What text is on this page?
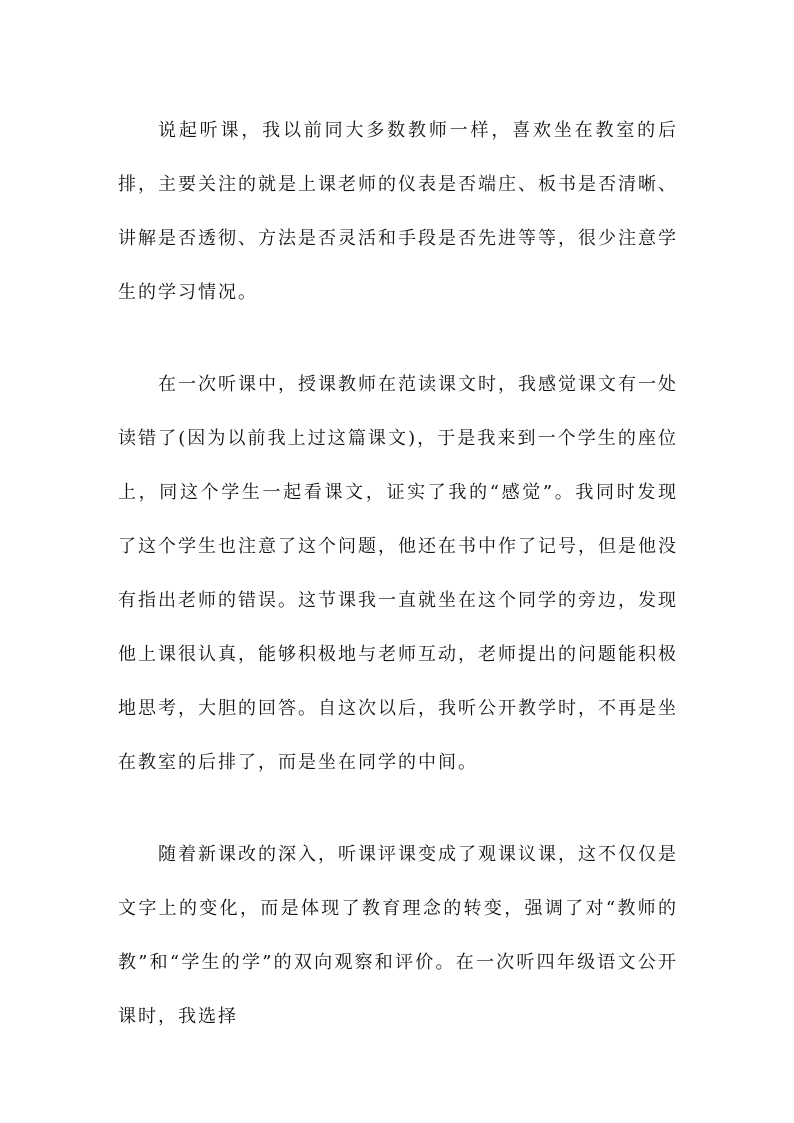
说起听课，我以前同大多数教师一样，喜欢坐在教室的后排，主要关注的就是上课老师的仪表是否端庄、板书是否清晰、讲解是否透彻、方法是否灵活和手段是否先进等等，很少注意学生的学习情况。

在一次听课中，授课教师在范读课文时，我感觉课文有一处读错了(因为以前我上过这篇课文)，于是我来到一个学生的座位上，同这个学生一起看课文，证实了我的“感觉”。我同时发现了这个学生也注意了这个问题，他还在书中作了记号，但是他没有指出老师的错误。这节课我一直就坐在这个同学的旁边，发现他上课很认真，能够积极地与老师互动，老师提出的问题能积极地思考，大胆的回答。自这次以后，我听公开教学时，不再是坐在教室的后排了，而是坐在同学的中间。

随着新课改的深入，听课评课变成了观课议课，这不仅仅是文字上的变化，而是体现了教育理念的转变，强调了对“教师的教”和“学生的学”的双向观察和评价。在一次听四年级语文公开课时，我选择
